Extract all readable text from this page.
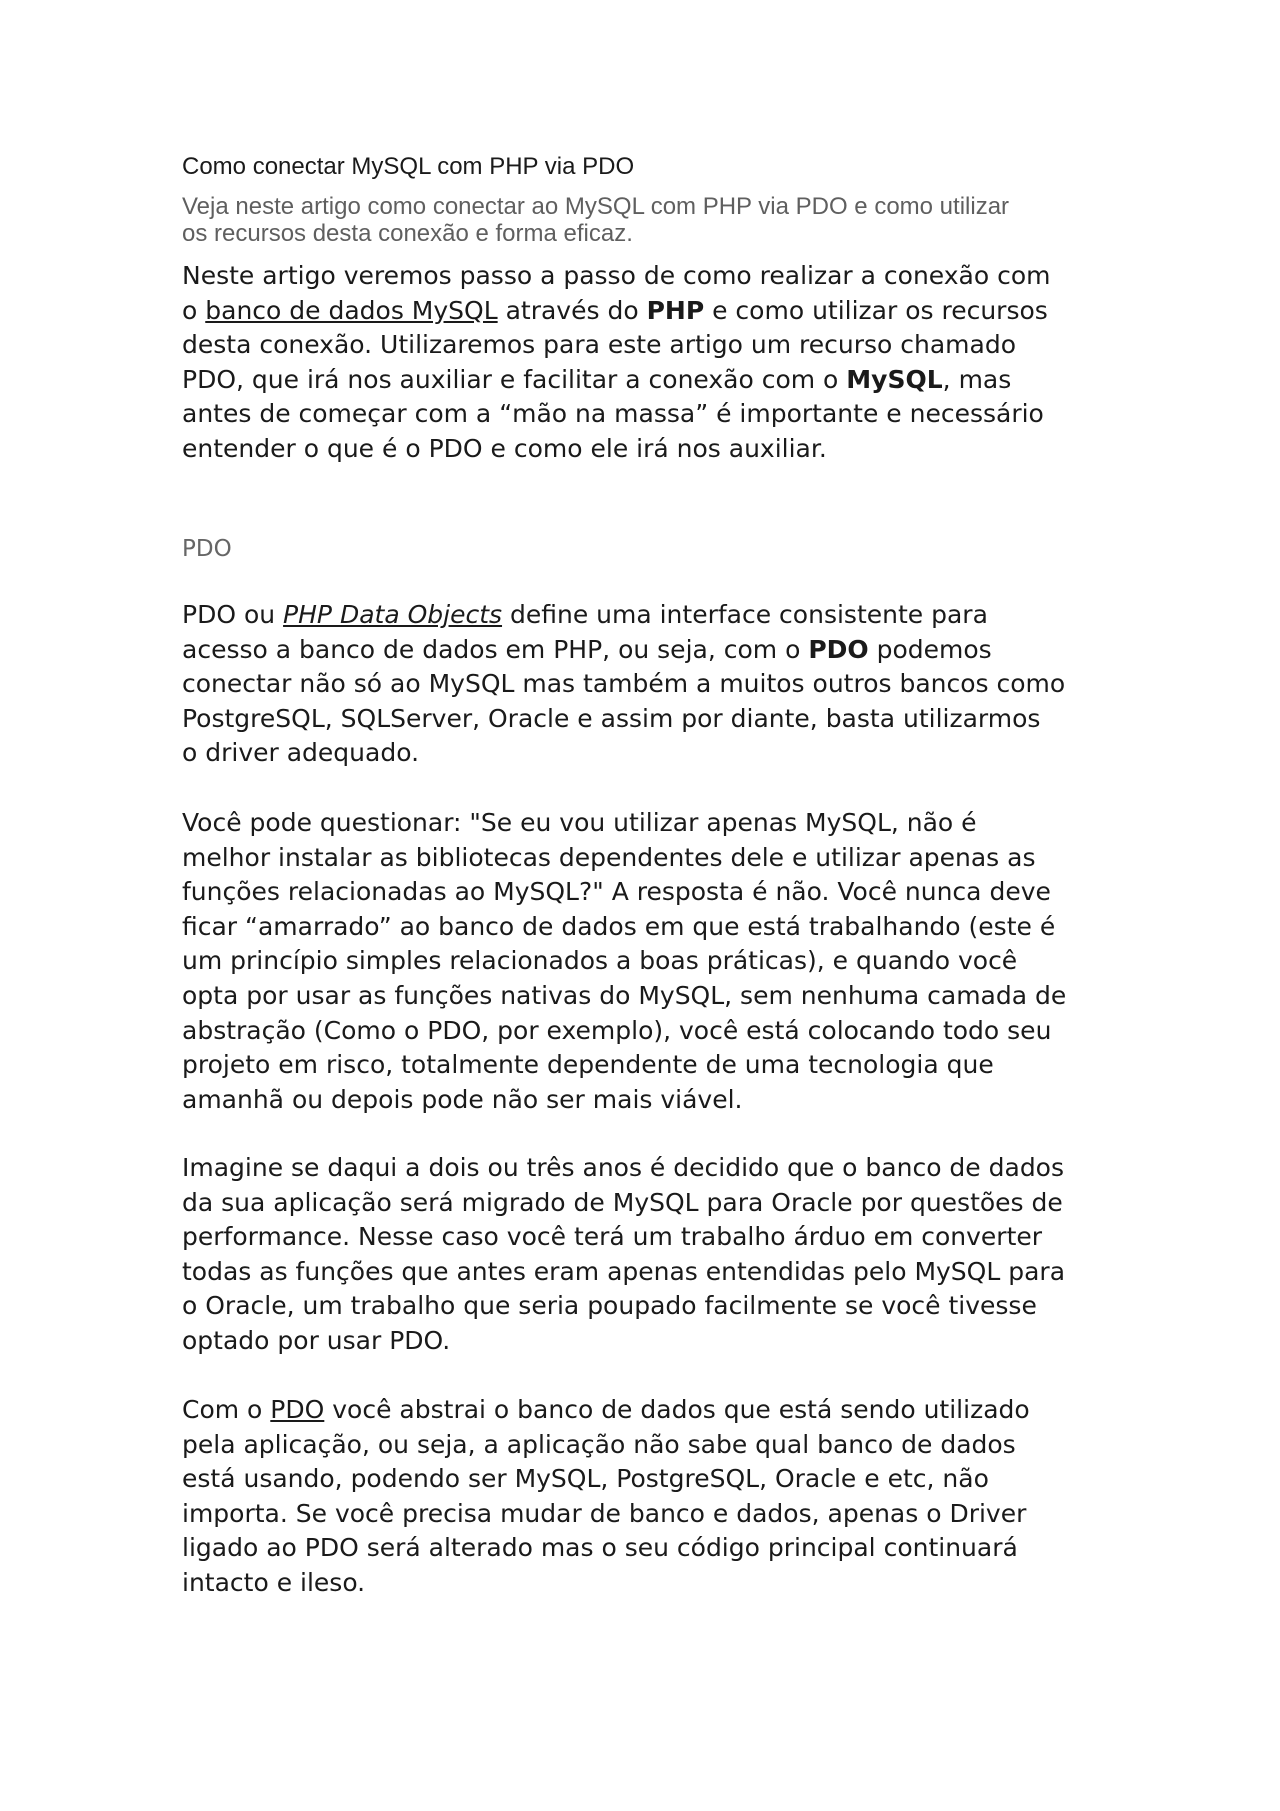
Como conectar MySQL com PHP via PDO

Veja neste artigo como conectar ao MySQL com PHP via PDO e como utilizar
os recursos desta conexão e forma eficaz.

Neste artigo veremos passo a passo de como realizar a conexão com
o banco de dados MySQL através do PHP e como utilizar os recursos
desta conexão. Utilizaremos para este artigo um recurso chamado
PDO, que irá nos auxiliar e facilitar a conexão com o MySQL, mas
antes de começar com a “mão na massa” é importante e necessário
entender o que é o PDO e como ele irá nos auxiliar.

PDO

PDO ou PHP Data Objects define uma interface consistente para
acesso a banco de dados em PHP, ou seja, com o PDO podemos
conectar não só ao MySQL mas também a muitos outros bancos como
PostgreSQL, SQLServer, Oracle e assim por diante, basta utilizarmos
o driver adequado.

Você pode questionar: "Se eu vou utilizar apenas MySQL, não é
melhor instalar as bibliotecas dependentes dele e utilizar apenas as
funções relacionadas ao MySQL?" A resposta é não. Você nunca deve
ficar “amarrado” ao banco de dados em que está trabalhando (este é
um princípio simples relacionados a boas práticas), e quando você
opta por usar as funções nativas do MySQL, sem nenhuma camada de
abstração (Como o PDO, por exemplo), você está colocando todo seu
projeto em risco, totalmente dependente de uma tecnologia que
amanhã ou depois pode não ser mais viável.

Imagine se daqui a dois ou três anos é decidido que o banco de dados
da sua aplicação será migrado de MySQL para Oracle por questões de
performance. Nesse caso você terá um trabalho árduo em converter
todas as funções que antes eram apenas entendidas pelo MySQL para
o Oracle, um trabalho que seria poupado facilmente se você tivesse
optado por usar PDO.

Com o PDO você abstrai o banco de dados que está sendo utilizado
pela aplicação, ou seja, a aplicação não sabe qual banco de dados
está usando, podendo ser MySQL, PostgreSQL, Oracle e etc, não
importa. Se você precisa mudar de banco e dados, apenas o Driver
ligado ao PDO será alterado mas o seu código principal continuará
intacto e ileso.
